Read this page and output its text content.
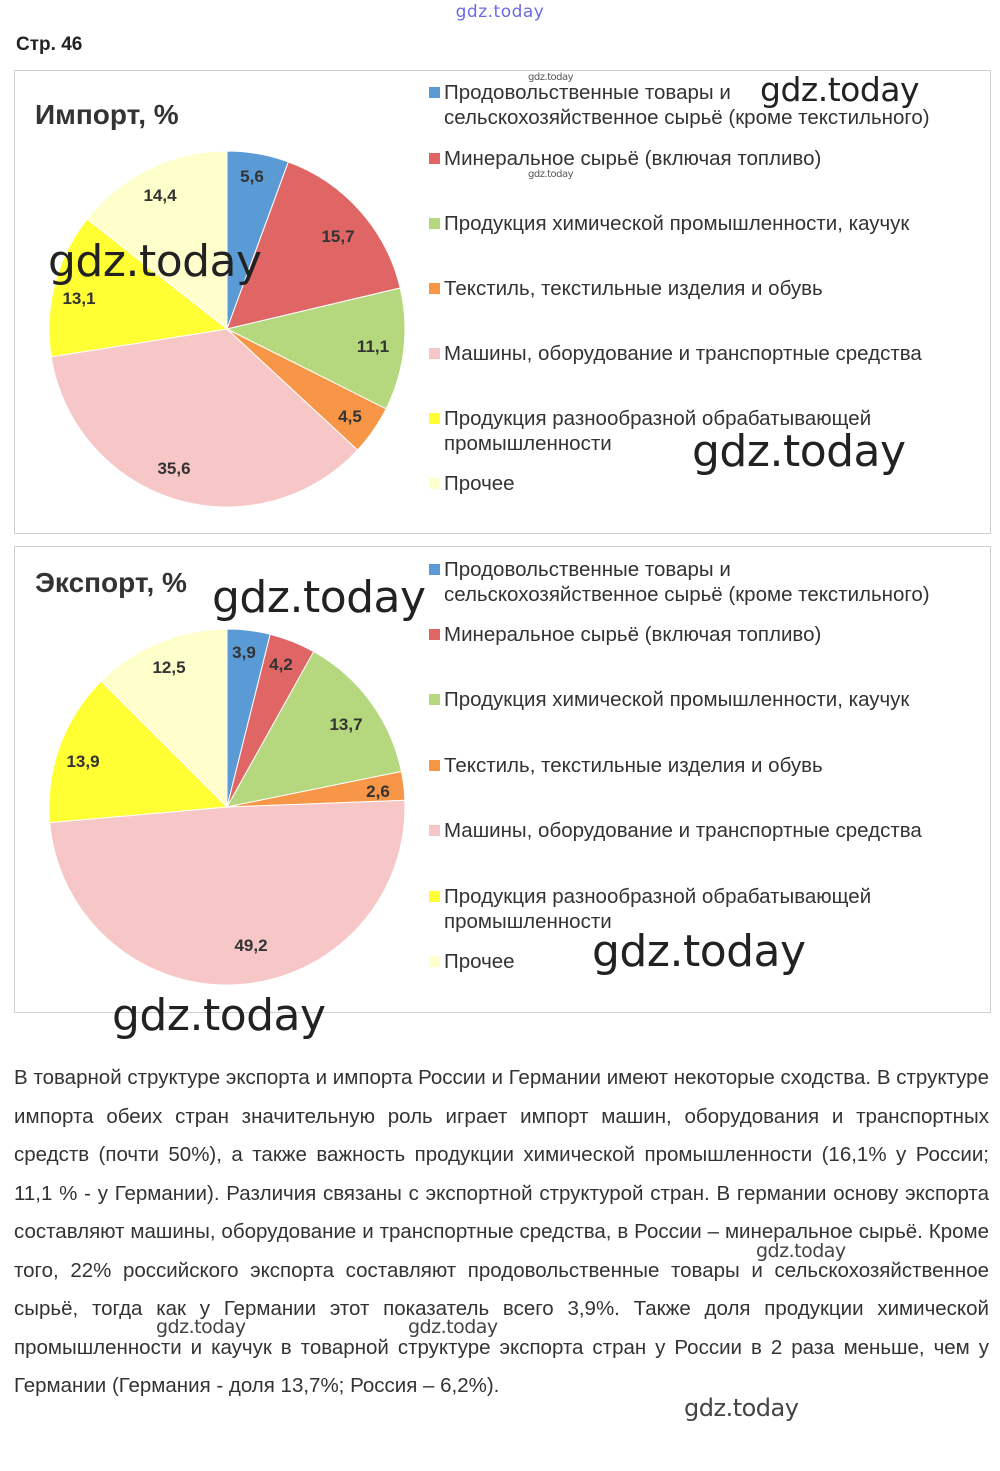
gdz.today
Стр. 46
Импорт, %
5,6
15,7
11,1
4,5
35,6
13,1
14,4
Продовольственные товары и
сельскохозяйственное сырьё (кроме текстильного)
Минеральное сырьё (включая топливо)
Продукция химической промышленности, каучук
Текстиль, текстильные изделия и обувь
Машины, оборудование и транспортные средства
Продукция разнообразной обрабатывающей
промышленности
Прочее
Экспорт, %
3,9
4,2
13,7
2,6
49,2
13,9
12,5
Продовольственные товары и
сельскохозяйственное сырьё (кроме текстильного)
Минеральное сырьё (включая топливо)
Продукция химической промышленности, каучук
Текстиль, текстильные изделия и обувь
Машины, оборудование и транспортные средства
Продукция разнообразной обрабатывающей
промышленности
Прочее
gdz.today
gdz.today
gdz.today
gdz.today
gdz.today
gdz.today
gdz.today
gdz.today
В товарной структуре экспорта и импорта России и Германии имеют некоторые сходства. В структуре импорта обеих стран значительную роль играет импорт машин, оборудования и транспортных средств (почти 50%), а также важность продукции химической промышленности (16,1% у России; 11,1 % - у Германии). Различия связаны с экспортной структурой стран. В германии основу экспорта составляют машины, оборудование и транспортные средства, в России – минеральное сырьё. Кроме того, 22% российского экспорта составляют продовольственные товары и сельскохозяйственное сырьё, тогда как у Германии этот показатель всего 3,9%. Также доля продукции химической промышленности и каучук в товарной структуре экспорта стран у России в 2 раза меньше, чем у Германии (Германия - доля 13,7%; Россия – 6,2%).
gdz.today
gdz.today	gdz.today
gdz.today
